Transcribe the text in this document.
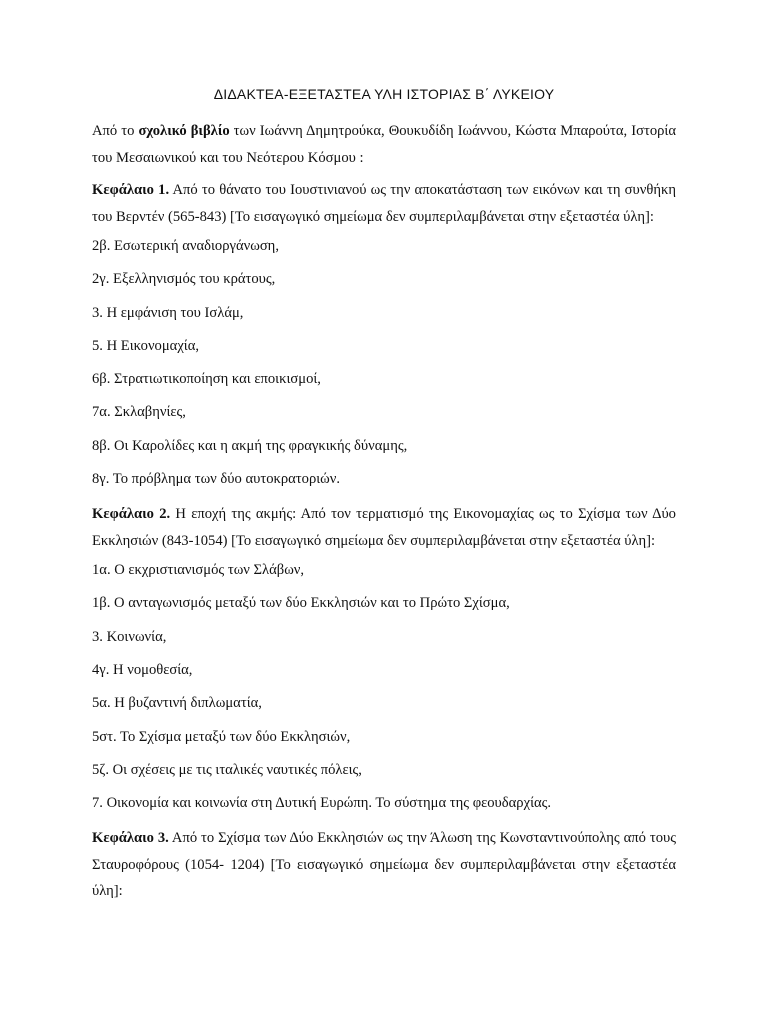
ΔΙΔΑΚΤΕΑ-ΕΞΕΤΑΣΤΕΑ ΥΛΗ ΙΣΤΟΡΙΑΣ Β΄ ΛΥΚΕΙΟΥ

Από το σχολικό βιβλίο των Ιωάννη Δημητρούκα, Θουκυδίδη Ιωάννου, Κώστα Μπαρούτα, Ιστορία του Μεσαιωνικού και του Νεότερου Κόσμου :

Κεφάλαιο 1. Από το θάνατο του Ιουστινιανού ως την αποκατάσταση των εικόνων και τη συνθήκη του Βερντέν (565-843) [Το εισαγωγικό σημείωμα δεν συμπεριλαμβάνεται στην εξεταστέα ύλη]:

2β. Εσωτερική αναδιοργάνωση,
2γ. Εξελληνισμός του κράτους,
3. Η εμφάνιση του Ισλάμ,
5. Η Εικονομαχία,
6β. Στρατιωτικοποίηση και εποικισμοί,
7α. Σκλαβηνίες,
8β. Οι Καρολίδες και η ακμή της φραγκικής δύναμης,
8γ. Το πρόβλημα των δύο αυτοκρατοριών.

Κεφάλαιο 2. Η εποχή της ακμής: Από τον τερματισμό της Εικονομαχίας ως το Σχίσμα των Δύο Εκκλησιών (843-1054) [Το εισαγωγικό σημείωμα δεν συμπεριλαμβάνεται στην εξεταστέα ύλη]:

1α. Ο εκχριστιανισμός των Σλάβων,
1β. Ο ανταγωνισμός μεταξύ των δύο Εκκλησιών και το Πρώτο Σχίσμα,
3. Κοινωνία,
4γ. Η νομοθεσία,
5α. Η βυζαντινή διπλωματία,
5στ. Το Σχίσμα μεταξύ των δύο Εκκλησιών,
5ζ. Οι σχέσεις με τις ιταλικές ναυτικές πόλεις,
7. Οικονομία και κοινωνία στη Δυτική Ευρώπη. Το σύστημα της φεουδαρχίας.

Κεφάλαιο 3. Από το Σχίσμα των Δύο Εκκλησιών ως την Άλωση της Κωνσταντινούπολης από τους Σταυροφόρους (1054- 1204) [Το εισαγωγικό σημείωμα δεν συμπεριλαμβάνεται στην εξεταστέα ύλη]:
